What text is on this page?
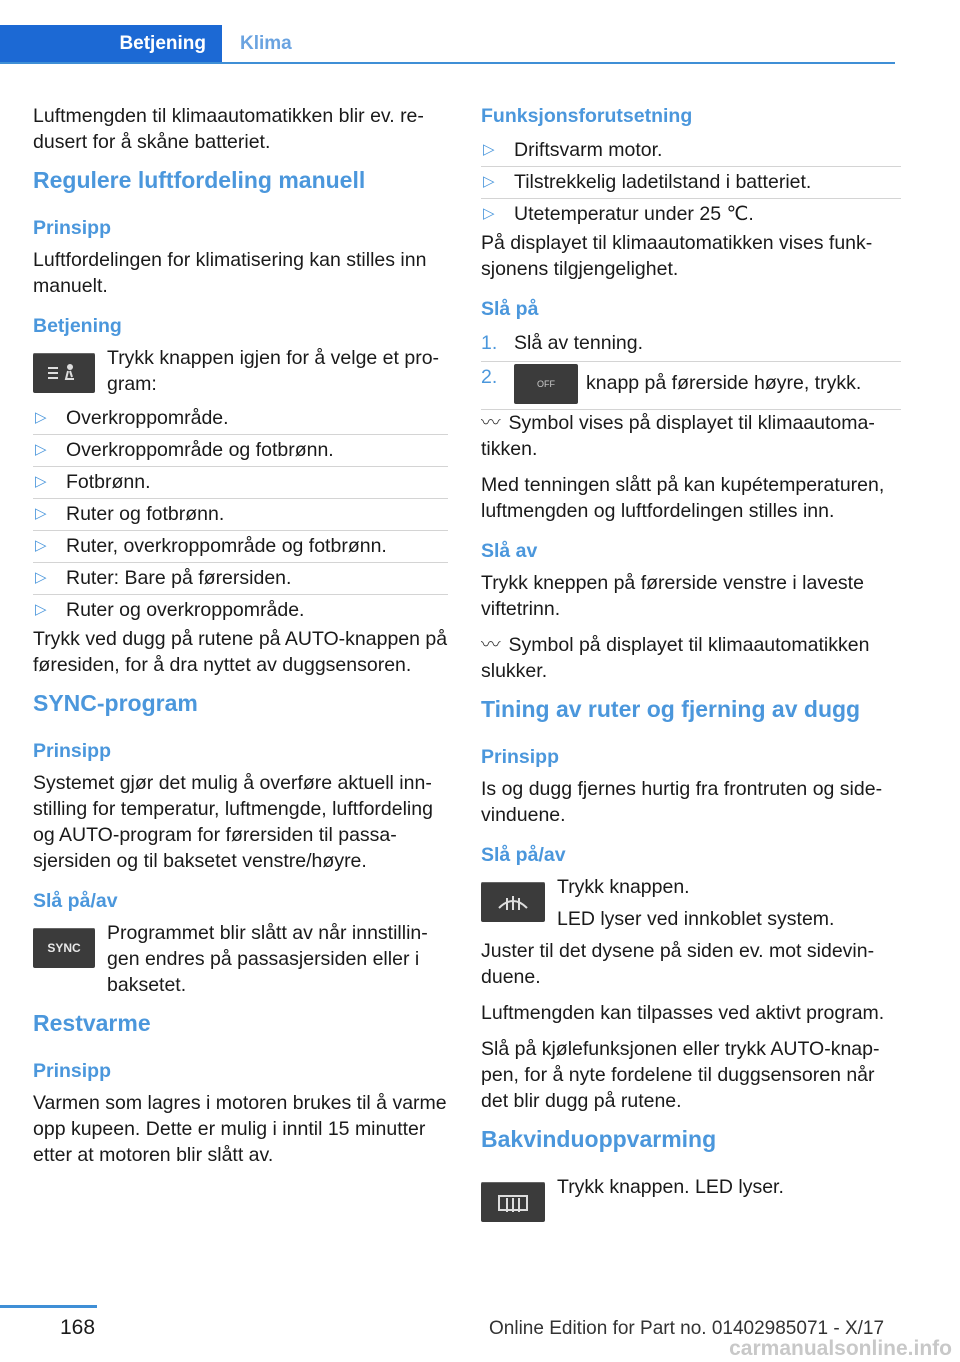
Betjening	Klima

Luftmengden til klimaautomatikken blir ev. redusert for å skåne batteriet.

Regulere luftfordeling manuell
Prinsipp

Luftfordelingen for klimatisering kan stilles inn manuelt.

Betjening
Trykk knappen igjen for å velge et program:
▷ Overkroppområde.
▷ Overkroppområde og fotbrønn.
▷ Fotbrønn.
▷ Ruter og fotbrønn.
▷ Ruter, overkroppområde og fotbrønn.
▷ Ruter: Bare på førersiden.
▷ Ruter og overkroppområde.

Trykk ved dugg på rutene på AUTO-knappen på føresiden, for å dra nyttet av duggsensoren.

SYNC-program
Prinsipp

Systemet gjør det mulig å overføre aktuell innstilling for temperatur, luftmengde, luftfordeling og AUTO-program for førersiden til passasjersiden og til baksetet venstre/høyre.

Slå på/av
SYNC
Programmet blir slått av når innstillingen endres på passasjersiden eller i baksetet.
Restvarme
Prinsipp

Varmen som lagres i motoren brukes til å varme opp kupeen. Dette er mulig i inntil 15 minutter etter at motoren blir slått av.

Funksjonsforutsetning
▷ Driftsvarm motor.
▷ Tilstrekkelig ladetilstand i batteriet.
▷ Utetemperatur under 25 ℃.

På displayet til klimaautomatikken vises funksjonens tilgjengelighet.

Slå på
1. Slå av tenning.
2.	OFF knapp på førerside høyre, trykk.

〰 Symbol vises på displayet til klimaautomatikken.

Med tenningen slått på kan kupétemperaturen, luftmengden og luftfordelingen stilles inn.

Slå av

Trykk kneppen på førerside venstre i laveste viftetrinn.

〰 Symbol på displayet til klimaautomatikken slukker.

Tining av ruter og fjerning av dugg
Prinsipp

Is og dugg fjernes hurtig fra frontruten og sidevinduene.

Slå på/av
Trykk knappen.
LED lyser ved innkoblet system.

Juster til det dysene på siden ev. mot sidevinduene.

Luftmengden kan tilpasses ved aktivt program.

Slå på kjølefunksjonen eller trykk AUTO-knappen, for å nyte fordelene til duggsensoren når det blir dugg på rutene.

Bakvinduoppvarming
Trykk knappen. LED lyser.
168	Online Edition for Part no. 01402985071 - X/17
carmanualsonline.info
